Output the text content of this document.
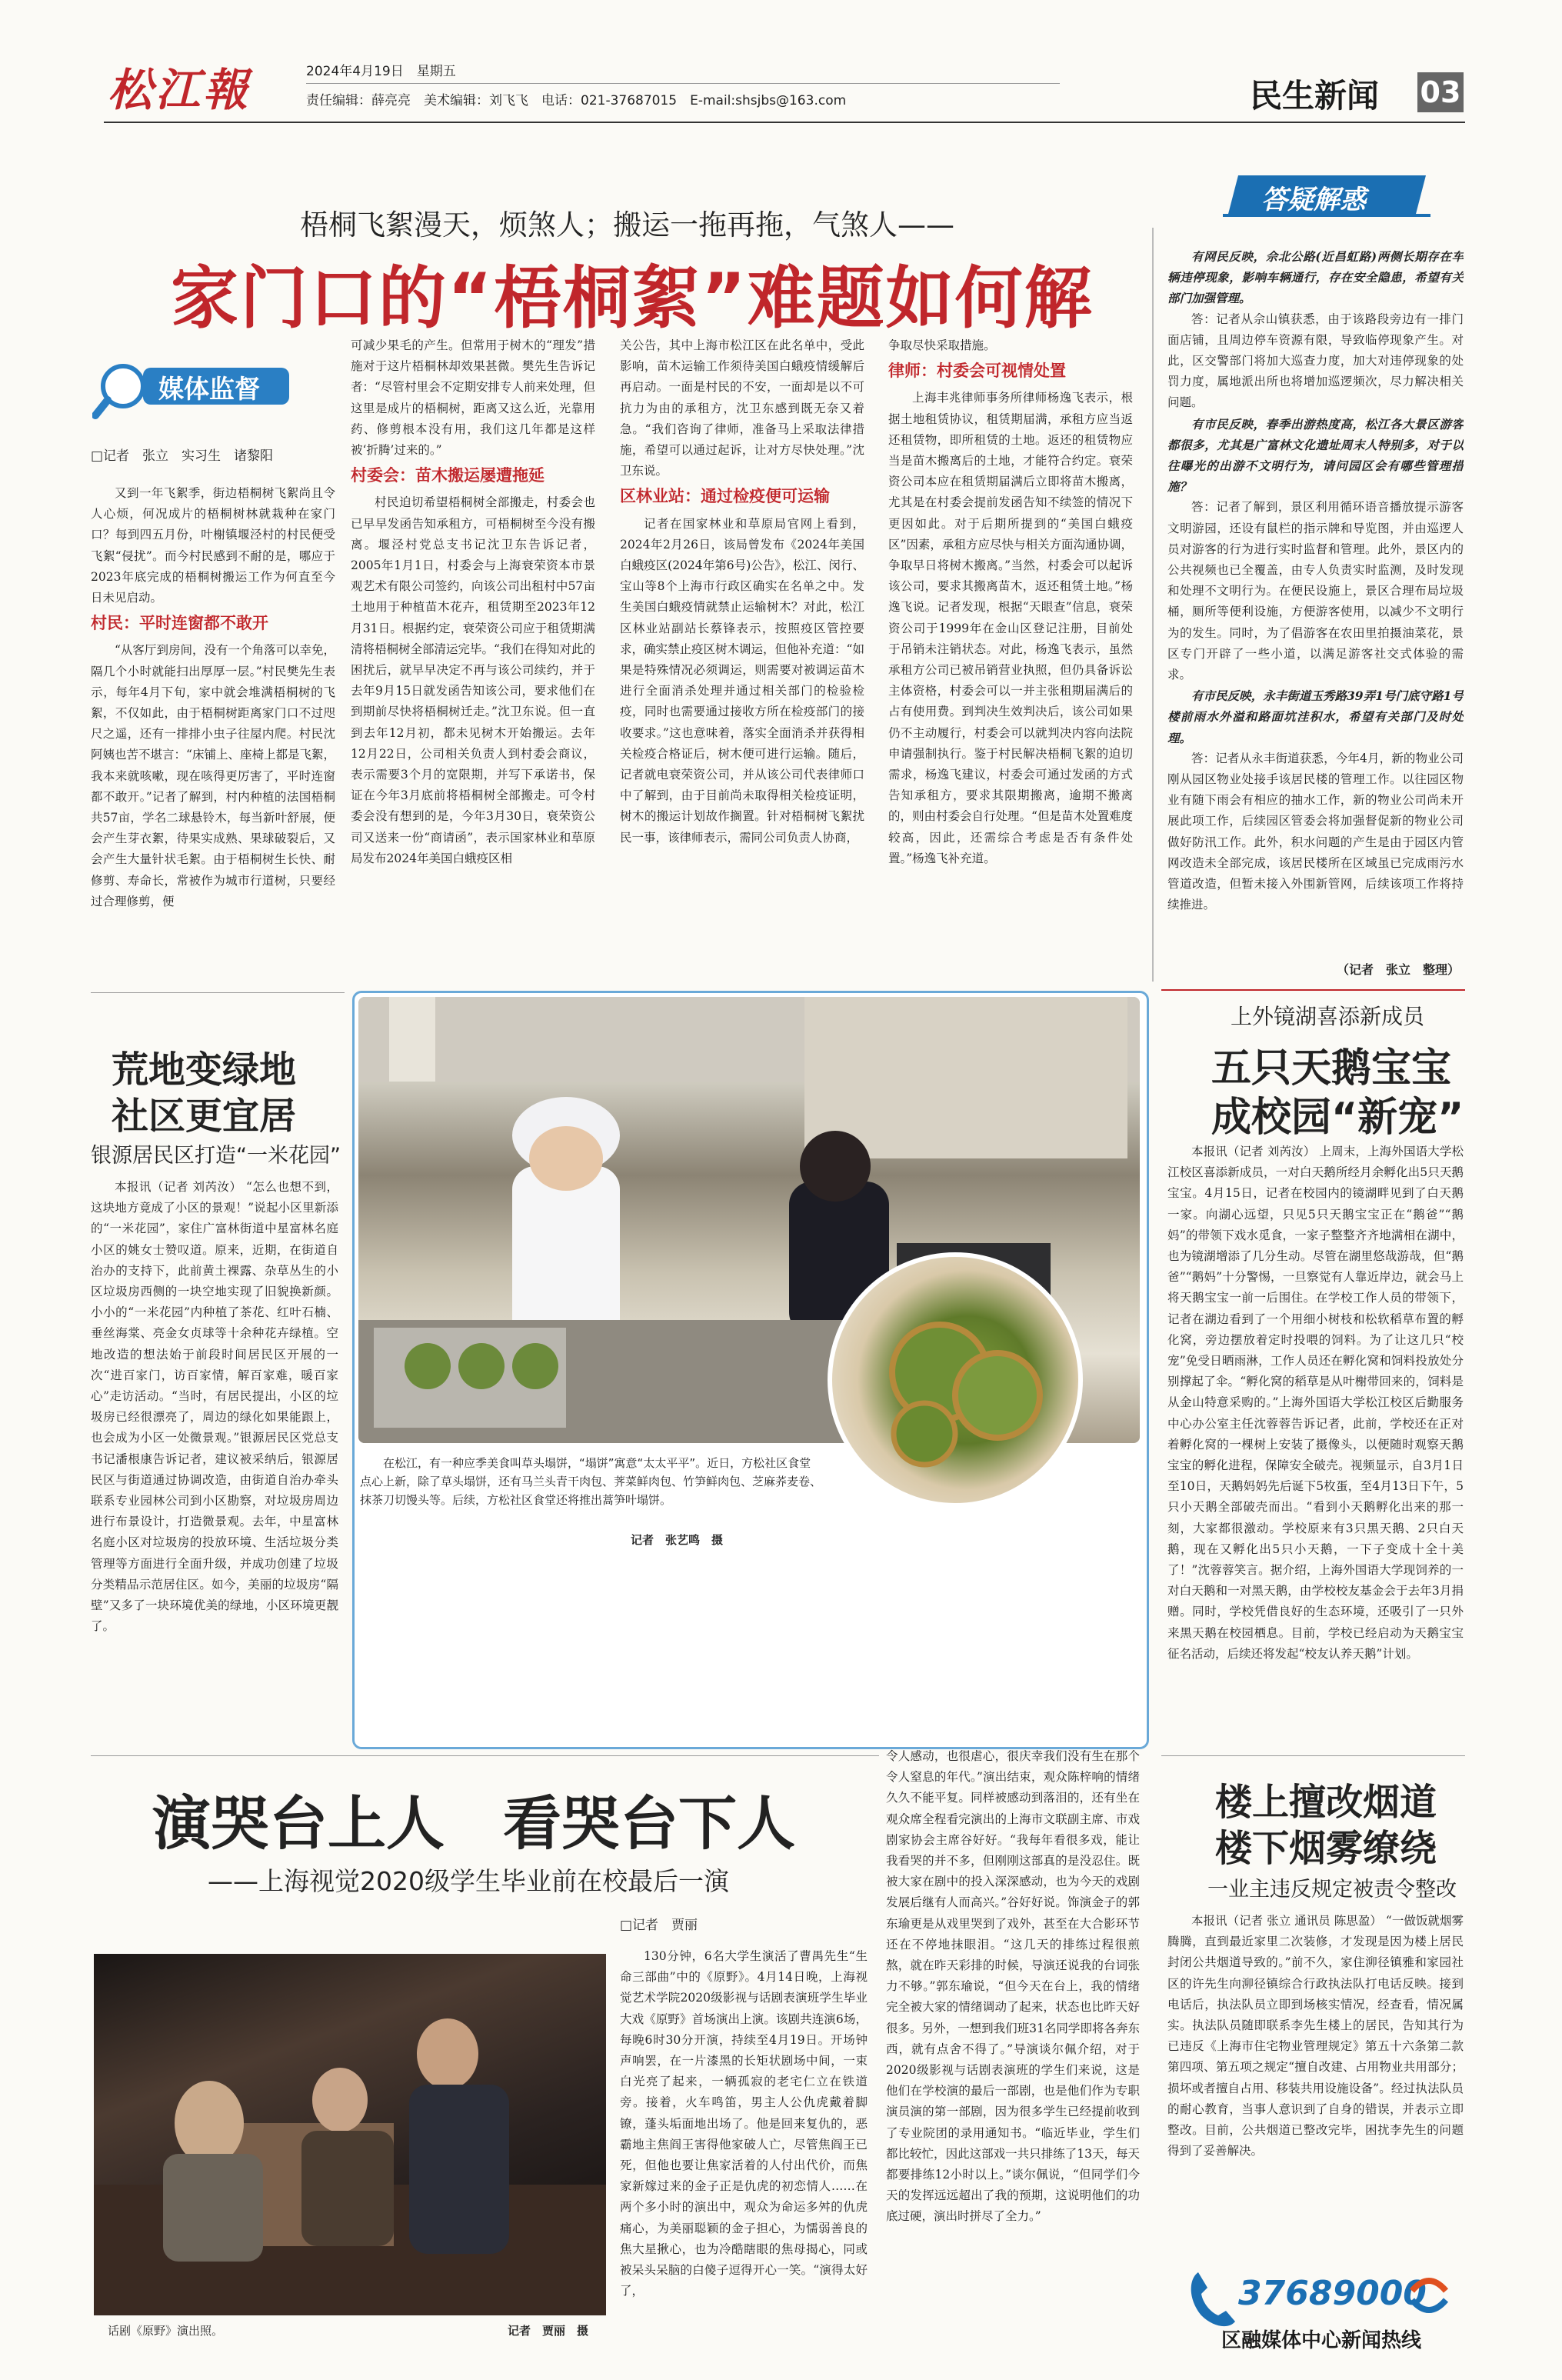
松江報	2024年4月19日　星期五
责任编辑：薛亮亮　美术编辑：刘飞飞　电话：021-37687015　E-mail:shsjbs@163.com	民生新闻 03
梧桐飞絮漫天，烦煞人；搬运一拖再拖，气煞人——
家门口的“梧桐絮”难题如何解
媒体监督
□记者　张立　实习生　诸黎阳

又到一年飞絮季，街边梧桐树飞絮尚且令人心烦，何况成片的梧桐树林就栽种在家门口？每到四五月份，叶榭镇堰泾村的村民便受飞絮“侵扰”。而今村民感到不耐的是，哪应于2023年底完成的梧桐树搬运工作为何直至今日未见启动。

村民：平时连窗都不敢开

“从客厅到房间，没有一个角落可以幸免，隔几个小时就能扫出厚厚一层。”村民樊先生表示，每年4月下旬，家中就会堆满梧桐树的飞絮，不仅如此，由于梧桐树距离家门口不过咫尺之遥，还有一排排小虫子往屋内爬。村民沈阿姨也苦不堪言：“床铺上、座椅上都是飞絮，我本来就咳嗽，现在咳得更厉害了，平时连窗都不敢开。”记者了解到，村内种植的法国梧桐共57亩，学名二球悬铃木，每当新叶舒展，便会产生芽衣絮，待果实成熟、果球破裂后，又会产生大量针状毛絮。由于梧桐树生长快、耐修剪、寿命长，常被作为城市行道树，只要经过合理修剪，便

可减少果毛的产生。但常用于树木的“理发”措施对于这片梧桐林却效果甚微。樊先生告诉记者：“尽管村里会不定期安排专人前来处理，但这里是成片的梧桐树，距离又这么近，光靠用药、修剪根本没有用，我们这几年都是这样被‘折腾’过来的。”

村委会：苗木搬运屡遭拖延

村民迫切希望梧桐树全部搬走，村委会也已早早发函告知承租方，可梧桐树至今没有搬离。堰泾村党总支书记沈卫东告诉记者，2005年1月1日，村委会与上海衰荣资本市景观艺术有限公司签约，向该公司出租村中57亩土地用于种植苗木花卉，租赁期至2023年12月31日。根据约定，衰荣资公司应于租赁期满清将梧桐树全部清运完毕。“我们在得知对此的困扰后，就早早决定不再与该公司续约，并于去年9月15日就发函告知该公司，要求他们在到期前尽快将梧桐树迁走。”沈卫东说。但一直到去年12月初，都未见树木开始搬运。去年12月22日，公司相关负责人到村委会商议，表示需要3个月的宽限期，并写下承诺书，保证在今年3月底前将梧桐树全部搬走。可令村委会没有想到的是，今年3月30日，衰荣资公司又送来一份“商请函”，表示国家林业和草原局发布2024年美国白蛾疫区相

关公告，其中上海市松江区在此名单中，受此影响，苗木运输工作须待美国白蛾疫情缓解后再启动。一面是村民的不安，一面却是以不可抗力为由的承租方，沈卫东感到既无奈又着急。“我们咨询了律师，准备马上采取法律措施，希望可以通过起诉，让对方尽快处理。”沈卫东说。

区林业站：通过检疫便可运输

记者在国家林业和草原局官网上看到，2024年2月26日，该局曾发布《2024年美国白蛾疫区(2024年第6号)公告》，松江、闵行、宝山等8个上海市行政区确实在名单之中。发生美国白蛾疫情就禁止运输树木？对此，松江区林业站副站长蔡锋表示，按照疫区管控要求，确实禁止疫区树木调运，但他补充道：“如果是特殊情况必须调运，则需要对被调运苗木进行全面消杀处理并通过相关部门的检验检疫，同时也需要通过接收方所在检疫部门的接收要求。”这也意味着，落实全面消杀并获得相关检疫合格证后，树木便可进行运输。随后，记者就电衰荣资公司，并从该公司代表律师口中了解到，由于目前尚未取得相关检疫证明，树木的搬运计划故作搁置。针对梧桐树飞絮扰民一事，该律师表示，需同公司负责人协商，

争取尽快采取措施。

律师：村委会可视情处置

上海丰兆律师事务所律师杨逸飞表示，根据土地租赁协议，租赁期届满，承租方应当返还租赁物，即所租赁的土地。返还的租赁物应当是苗木搬离后的土地，才能符合约定。衰荣资公司本应在租赁期届满后立即将苗木搬离，尤其是在村委会提前发函告知不续签的情况下更因如此。对于后期所提到的“美国白蛾疫区”因素，承租方应尽快与相关方面沟通协调，争取早日将树木搬离。”当然，村委会可以起诉该公司，要求其搬离苗木，返还租赁土地。”杨逸飞说。记者发现，根据“天眼查”信息，衰荣资公司于1999年在金山区登记注册，目前处于吊销未注销状态。对此，杨逸飞表示，虽然承租方公司已被吊销营业执照，但仍具备诉讼主体资格，村委会可以一并主张租期届满后的占有使用费。到判决生效判决后，该公司如果仍不主动履行，村委会可以就判决内容向法院申请强制执行。鉴于村民解决梧桐飞絮的迫切需求，杨逸飞建议，村委会可通过发函的方式告知承租方，要求其限期搬离，逾期不搬离的，则由村委会自行处理。“但是苗木处置难度较高，因此，还需综合考虑是否有条件处置。”杨逸飞补充道。

答疑解惑

有网民反映，佘北公路(近昌虹路)两侧长期存在车辆违停现象，影响车辆通行，存在安全隐患，希望有关部门加强管理。

答：记者从佘山镇获悉，由于该路段旁边有一排门面店铺，且周边停车资源有限，导致临停现象产生。对此，区交警部门将加大巡查力度，加大对违停现象的处罚力度，属地派出所也将增加巡逻频次，尽力解决相关问题。

有市民反映，春季出游热度高，松江各大景区游客都很多，尤其是广富林文化遗址周末人特别多，对于以往曝光的出游不文明行为，请问园区会有哪些管理措施？

答：记者了解到，景区利用循环语音播放提示游客文明游园，还设有鼠栏的指示牌和导览图，并由巡逻人员对游客的行为进行实时监督和管理。此外，景区内的公共视频也已全覆盖，由专人负责实时监测，及时发现和处理不文明行为。在便民设施上，景区合理布局垃圾桶，厕所等便利设施，方便游客使用，以减少不文明行为的发生。同时，为了倡游客在农田里拍摄油菜花，景区专门开辟了一些小道，以满足游客社交式体验的需求。

有市民反映，永丰街道玉秀路39弄1号门底守路1号楼前雨水外溢和路面坑洼积水，希望有关部门及时处理。

答：记者从永丰街道获悉，今年4月，新的物业公司刚从园区物业处接手该居民楼的管理工作。以往园区物业有随下雨会有相应的抽水工作，新的物业公司尚未开展此项工作，后续园区管委会将加强督促新的物业公司做好防汛工作。此外，积水问题的产生是由于园区内管网改造未全部完成，该居民楼所在区域虽已完成雨污水管道改造，但暂未接入外围新管网，后续该项工作将持续推进。

（记者　张立　整理）
上外镜湖喜添新成员
五只天鹅宝宝
成校园“新宠”

本报讯（记者 刘芮汝） 上周末，上海外国语大学松江校区喜添新成员，一对白天鹅所经月余孵化出5只天鹅宝宝。4月15日，记者在校园内的镜湖畔见到了白天鹅一家。向湖心远望，只见5只天鹅宝宝正在“鹅爸”“鹅妈”的带领下戏水觅食，一家子整整齐齐地满相在湖中，也为镜湖增添了几分生动。尽管在湖里悠哉游哉，但“鹅爸”“鹅妈”十分警惕，一旦察觉有人靠近岸边，就会马上将天鹅宝宝一前一后围住。在学校工作人员的带领下，记者在湖边看到了一个用细小树枝和松软稻草布置的孵化窝，旁边摆放着定时投喂的饲料。为了让这几只“校宠”免受日晒雨淋，工作人员还在孵化窝和饲料投放处分别撑起了伞。“孵化窝的稻草是从叶榭带回来的，饲料是从金山特意采购的。”上海外国语大学松江校区后勤服务中心办公室主任沈蓉蓉告诉记者，此前，学校还在正对着孵化窝的一棵树上安装了摄像头，以便随时观察天鹅宝宝的孵化进程，保障安全破壳。视频显示，自3月1日至10日，天鹅妈妈先后诞下5枚蛋，至4月13日下午，5只小天鹅全部破壳而出。“看到小天鹅孵化出来的那一刻，大家都很激动。学校原来有3只黑天鹅、2只白天鹅，现在又孵化出5只小天鹅，一下子变成十全十美了！”沈蓉蓉笑言。据介绍，上海外国语大学现饲养的一对白天鹅和一对黑天鹅，由学校校友基金会于去年3月捐赠。同时，学校凭借良好的生态环境，还吸引了一只外来黑天鹅在校园栖息。目前，学校已经启动为天鹅宝宝征名活动，后续还将发起“校友认养天鹅”计划。

荒地变绿地
社区更宜居
银源居民区打造“一米花园”

本报讯（记者 刘芮汝） “怎么也想不到，这块地方竟成了小区的景观！”说起小区里新添的“一米花园”，家住广富林街道中星富林名庭小区的姚女士赞叹道。原来，近期，在街道自治办的支持下，此前黄土裸露、杂草丛生的小区垃圾房西侧的一块空地实现了旧貌换新颜。小小的“一米花园”内种植了茶花、红叶石楠、垂丝海棠、亮金女贞球等十余种花卉绿植。空地改造的想法始于前段时间居民区开展的一次“进百家门，访百家情，解百家难，暖百家心”走访活动。“当时，有居民提出，小区的垃圾房已经很漂亮了，周边的绿化如果能跟上，也会成为小区一处微景观。”银源居民区党总支书记潘根康告诉记者，建议被采纳后，银源居民区与街道通过协调改造，由街道自治办牵头联系专业园林公司到小区勘察，对垃圾房周边进行布景设计，打造微景观。去年，中星富林名庭小区对垃圾房的投放环境、生活垃圾分类管理等方面进行全面升级，并成功创建了垃圾分类精品示范居住区。如今，美丽的垃圾房“隔壁”又多了一块环境优美的绿地，小区环境更靓了。

在松江，有一种应季美食叫草头塌饼，“塌饼”寓意“太太平平”。近日，方松社区食堂点心上新，除了草头塌饼，还有马兰头青干肉包、荠菜鲜肉包、竹笋鲜肉包、芝麻荞麦卷、抹茶刀切馒头等。后续，方松社区食堂还将推出蒿笋叶塌饼。
记者　张艺鸣　摄
演哭台上人　看哭台下人
——上海视觉2020级学生毕业前在校最后一演
□记者　贾丽
话剧《原野》演出照。	记者　贾丽　摄

130分钟，6名大学生演活了曹禺先生“生命三部曲”中的《原野》。4月14日晚，上海视觉艺术学院2020级影视与话剧表演班学生毕业大戏《原野》首场演出上演。该剧共连演6场，每晚6时30分开演，持续至4月19日。开场钟声响罢，在一片漆黑的长矩状剧场中间，一束白光亮了起来，一辆孤寂的老宅仁立在铁道旁。接着，火车鸣笛，男主人公仇虎戴着脚镣，蓬头垢面地出场了。他是回来复仇的，恶霸地主焦阎王害得他家破人亡，尽管焦阎王已死，但他也要让焦家活着的人付出代价，而焦家新嫁过来的金子正是仇虎的初恋情人……在两个多小时的演出中，观众为命运多舛的仇虎痛心，为美丽聪颖的金子担心，为懦弱善良的焦大星揪心，也为冷酷瞎眼的焦母揭心，同或被呆头呆脑的白傻子逗得开心一笑。“演得太好了，

令人感动，也很虐心，很庆幸我们没有生在那个令人窒息的年代。”演出结束，观众陈梓响的情绪久久不能平复。同样被感动到落泪的，还有坐在观众席全程看完演出的上海市文联副主席、市戏剧家协会主席谷好好。“我每年看很多戏，能让我看哭的并不多，但刚刚这部真的是没忍住。既被大家在剧中的投入深深感动，也为今天的戏剧发展后继有人而高兴。”谷好好说。饰演金子的郭东瑜更是从戏里哭到了戏外，甚至在大合影环节还在不停地抹眼泪。“这几天的排练过程很煎熬，就在昨天彩排的时候，导演还说我的台词张力不够。”郭东瑜说，“但今天在台上，我的情绪完全被大家的情绪调动了起来，状态也比昨天好很多。另外，一想到我们班31名同学即将各奔东西，就有点舍不得了。”导演谈尔佩介绍，对于2020级影视与话剧表演班的学生们来说，这是他们在学校演的最后一部剧，也是他们作为专职演员演的第一部剧，因为很多学生已经提前收到了专业院团的录用通知书。“临近毕业，学生们都比较忙，因此这部戏一共只排练了13天，每天都要排练12小时以上。”谈尔佩说，“但同学们今天的发挥远远超出了我的预期，这说明他们的功底过硬，演出时拼尽了全力。”

楼上擅改烟道
楼下烟雾缭绕
一业主违反规定被责令整改

本报讯（记者 张立 通讯员 陈思盈） “一做饭就烟雾腾腾，直到最近家里二次装修，才发现是因为楼上居民封闭公共烟道导致的。”前不久，家住泖径镇雅和家园社区的许先生向泖径镇综合行政执法队打电话反映。接到电话后，执法队员立即到场核实情况，经查看，情况属实。执法队员随即联系李先生楼上的居民，告知其行为已违反《上海市住宅物业管理规定》第五十六条第二款第四项、第五项之规定“擅自改建、占用物业共用部分；损坏或者擅自占用、移装共用设施设备”。经过执法队员的耐心教育，当事人意识到了自身的错误，并表示立即整改。目前，公共烟道已整改完毕，困扰李先生的问题得到了妥善解决。

37689000
区融媒体中心新闻热线
